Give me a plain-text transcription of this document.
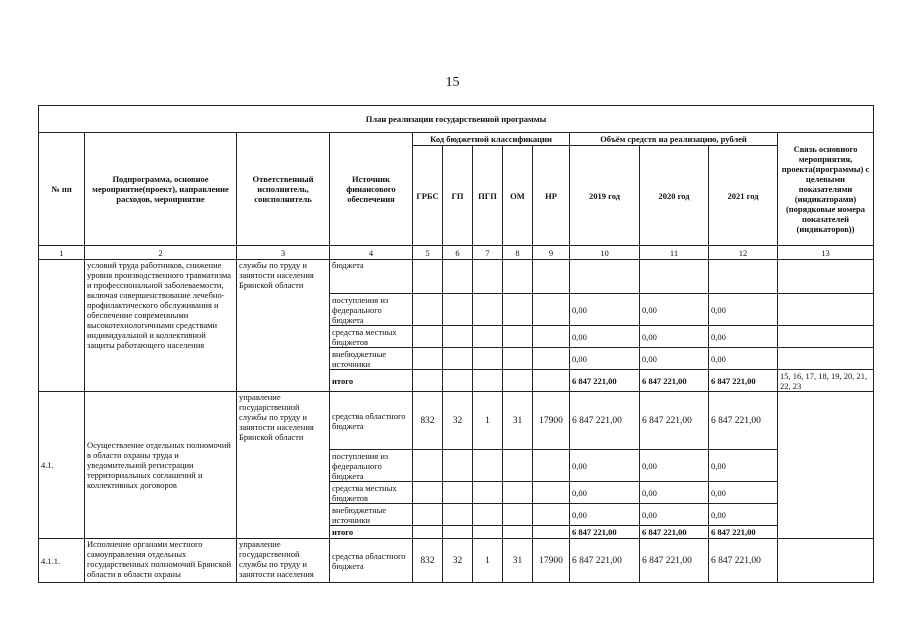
15
План реализации государственной программы												
№ пп	Подпрограмма, основное мероприятие(проект), направление расходов, мероприятие	Ответственный исполнитель, соисполнитель	Источник финансового обеспечения	Код бюджетной классификации					Объём средств на реализацию, рублей			Связь основного мероприятия, проекта(программы) с целевыми показателями (индикаторами) (порядковые номера показателей (индикаторов))
				ГРБС	ГП	ПГП	ОМ	НР	2019 год	2020 год	2021 год	
1	2	3	4	5	6	7	8	9	10	11	12	13
	условий труда работников, снижение уровня производственного травматизма и профессиональной заболеваемости, включая совершенствование лечебно-профилактического обслуживания и обеспечение современными высокотехнологичными средствами индивидуальной и коллективной защиты работающего населения	службы по труду и занятости населения Брянской области	бюджета									
			поступления из федерального бюджета						0,00	0,00	0,00	
			средства местных бюджетов						0,00	0,00	0,00	
			внебюджетные источники						0,00	0,00	0,00	
			итого						6 847 221,00	6 847 221,00	6 847 221,00	15, 16, 17, 18, 19, 20, 21, 22, 23
4.1.	Осуществление отдельных полномочий в области охраны труда и уведомительной регистрации территориальных соглашений и коллективных договоров	управление государственной службы по труду и занятости населения Брянской области	средства областного бюджета	832	32	1	31	17900	6 847 221,00	6 847 221,00	6 847 221,00	
			поступления из федерального бюджета						0,00	0,00	0,00	
			средства местных бюджетов						0,00	0,00	0,00	
			внебюджетные источники						0,00	0,00	0,00	
			итого						6 847 221,00	6 847 221,00	6 847 221,00	
4.1.1.	Исполнение органами местного самоуправления отдельных государственных полномочий Брянской области в области охраны	управление государственной службы по труду и занятости населения	средства областного бюджета	832	32	1	31	17900	6 847 221,00	6 847 221,00	6 847 221,00	
